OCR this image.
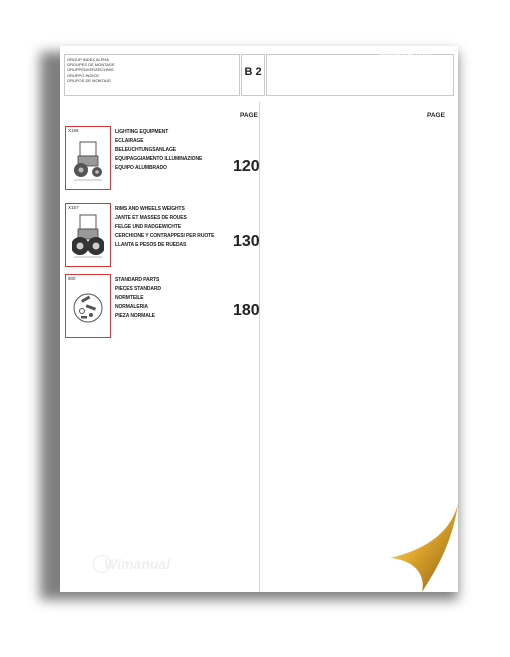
GROUP INDEX ALPHA
GROUPES DE MONTAGE
GRUPPENVERZEICHNIS
GRUPPO INDICE
GRUPOS DE MONTAJE
B 2
PAGE	PAGE
X156	LIGHTING EQUIPMENT
ECLAIRAGE
BELEUCHTUNGSANLAGE
EQUIPAGGIAMENTO ILLUMINAZIONE
EQUIPO ALUMBRADO	120
X157	RIMS AND WHEELS WEIGHTS
JANTE ET MASSES DE ROUES
FELGE UND RADGEWICHTE
CERCHIONE Y CONTRAPPESI PER RUOTE
LLANTA E PESOS DE RUEDAS	130
900	STANDARD PARTS
PIECES STANDARD
NORMTEILE
NORMALERIA
PIEZA NORMALE	180
wimanual.com
Wimanual
